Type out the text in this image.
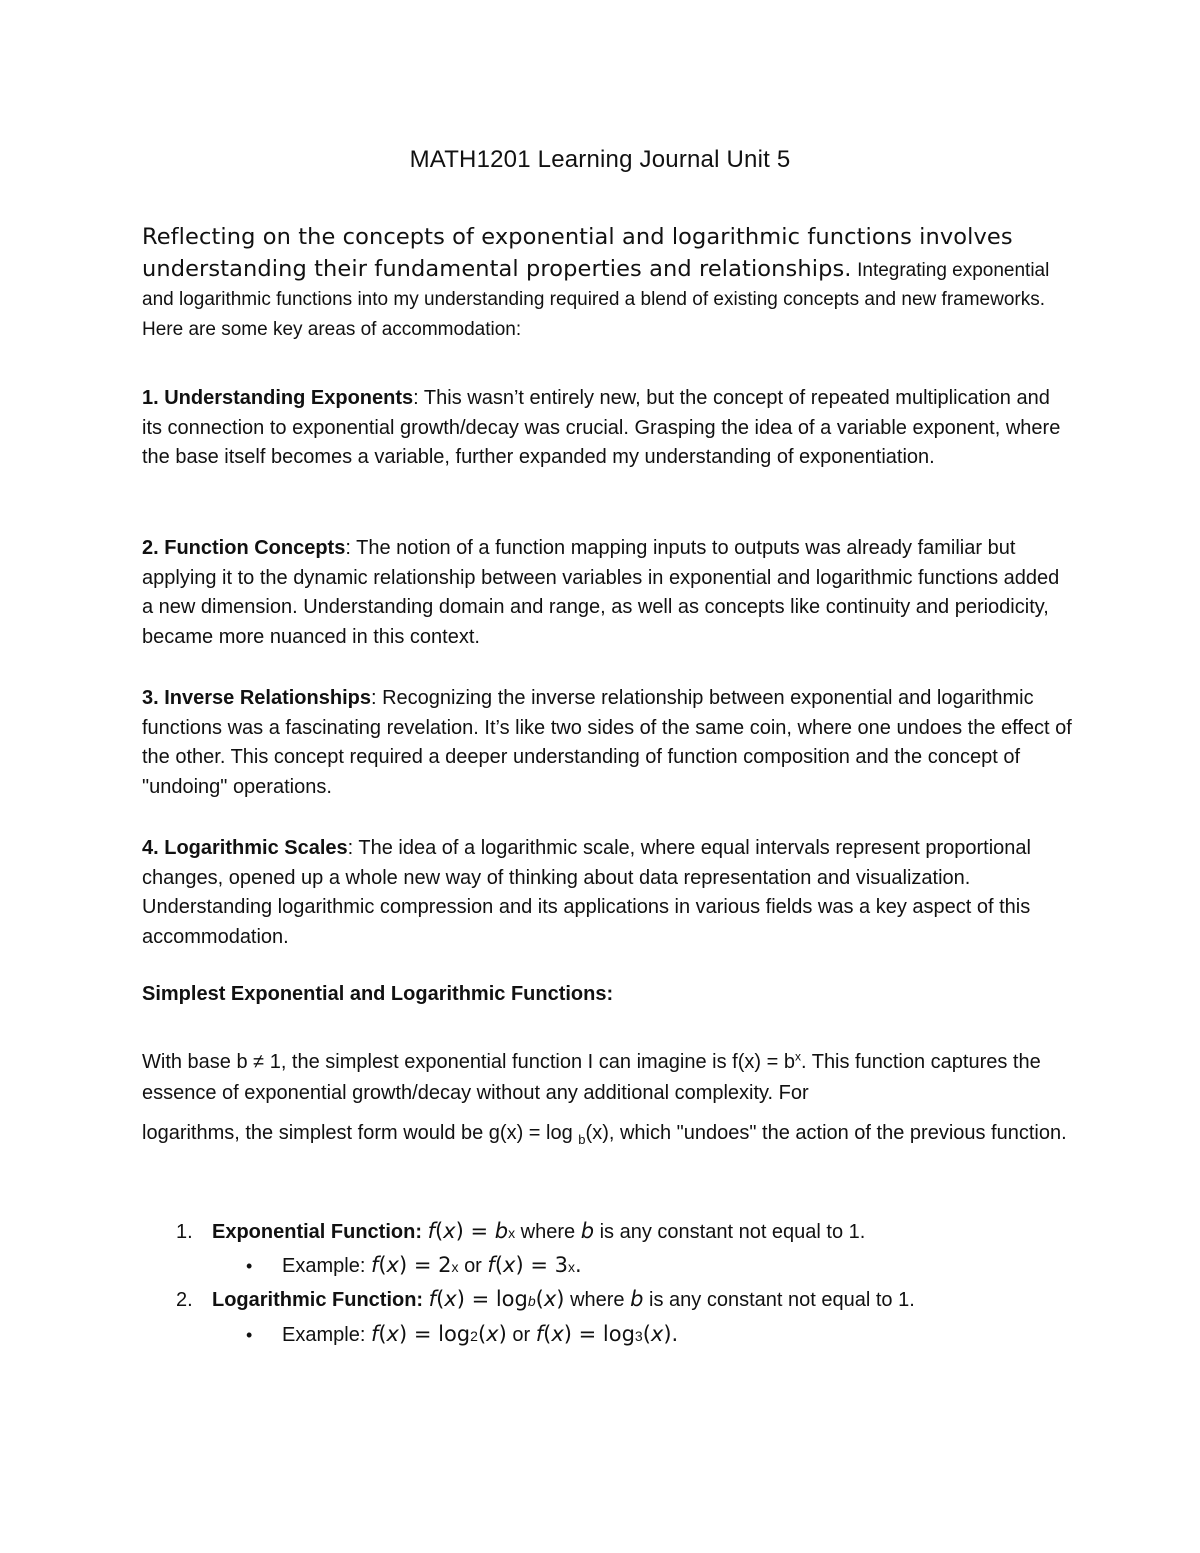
MATH1201 Learning Journal Unit 5
Reflecting on the concepts of exponential and logarithmic functions involves understanding their fundamental properties and relationships. Integrating exponential and logarithmic functions into my understanding required a blend of existing concepts and new frameworks. Here are some key areas of accommodation:
1. Understanding Exponents: This wasn’t entirely new, but the concept of repeated multiplication and its connection to exponential growth/decay was crucial. Grasping the idea of a variable exponent, where the base itself becomes a variable, further expanded my understanding of exponentiation.
2. Function Concepts: The notion of a function mapping inputs to outputs was already familiar but applying it to the dynamic relationship between variables in exponential and logarithmic functions added a new dimension. Understanding domain and range, as well as concepts like continuity and periodicity, became more nuanced in this context.
3. Inverse Relationships: Recognizing the inverse relationship between exponential and logarithmic functions was a fascinating revelation. It’s like two sides of the same coin, where one undoes the effect of the other. This concept required a deeper understanding of function composition and the concept of "undoing" operations.
4. Logarithmic Scales: The idea of a logarithmic scale, where equal intervals represent proportional changes, opened up a whole new way of thinking about data representation and visualization. Understanding logarithmic compression and its applications in various fields was a key aspect of this accommodation.
Simplest Exponential and Logarithmic Functions:
With base b ≠ 1, the simplest exponential function I can imagine is $f(x) = b^x$. This function captures the essence of exponential growth/decay without any additional complexity. For logarithms, the simplest form would be g(x) = log $_b$(x), which "undoes" the action of the previous function.
1. Exponential Function: f(x) = bx where b is any constant not equal to 1.
• Example: f(x) = 2x or f(x) = 3x.
2. Logarithmic Function: f(x) = logb(x) where b is any constant not equal to 1.
• Example: f(x) = log2(x) or f(x) = log3(x).
